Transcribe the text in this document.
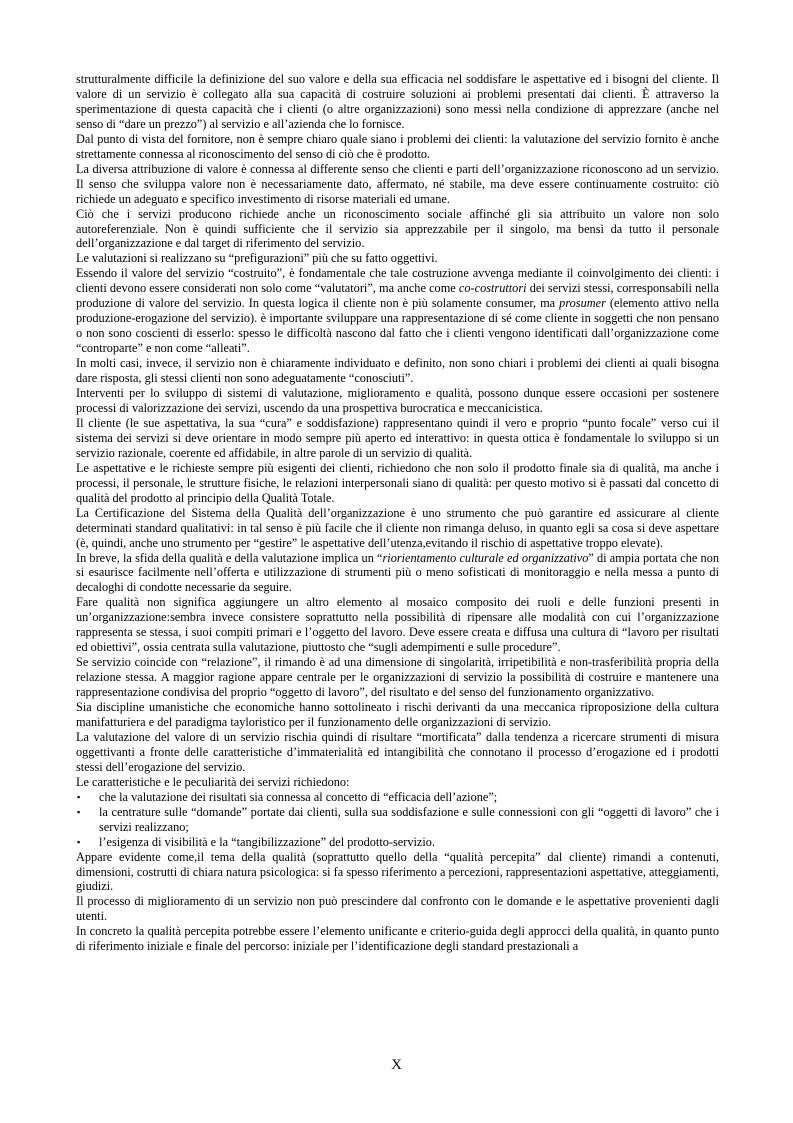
strutturalmente difficile la definizione del suo valore e della sua efficacia nel soddisfare le aspettative ed i bisogni del cliente. Il valore di un servizio è collegato alla sua capacità di costruire soluzioni ai problemi presentati dai clienti. È attraverso la sperimentazione di questa capacità che i clienti (o altre organizzazioni) sono messi nella condizione di apprezzare (anche nel senso di “dare un prezzo”) al servizio e all’azienda che lo fornisce.

Dal punto di vista del fornitore, non è sempre chiaro quale siano i problemi dei clienti: la valutazione del servizio fornito è anche strettamente connessa al riconoscimento del senso di ciò che è prodotto.

La diversa attribuzione di valore è connessa al differente senso che clienti e parti dell’organizzazione riconoscono ad un servizio. Il senso che sviluppa valore non è necessariamente dato, affermato, né stabile, ma deve essere continuamente costruito: ciò richiede un adeguato e specifico investimento di risorse materiali ed umane.

Ciò che i servizi producono richiede anche un riconoscimento sociale affinché gli sia attribuito un valore non solo autoreferenziale. Non è quindi sufficiente che il servizio sia apprezzabile per il singolo, ma bensì da tutto il personale dell’organizzazione e dal target di riferimento del servizio.

Le valutazioni si realizzano su “prefigurazioni” più che su fatto oggettivi.

Essendo il valore del servizio “costruito”, è fondamentale che tale costruzione avvenga mediante il coinvolgimento dei clienti: i clienti devono essere considerati non solo come “valutatori”, ma anche come co-costruttori dei servizi stessi, corresponsabili nella produzione di valore del servizio. In questa logica il cliente non è più solamente consumer, ma prosumer (elemento attivo nella produzione-erogazione del servizio). è importante sviluppare una rappresentazione di sé come cliente in soggetti che non pensano o non sono coscienti di esserlo: spesso le difficoltà nascono dal fatto che i clienti vengono identificati dall’organizzazione come “controparte” e non come “alleati”.

In molti casi, invece, il servizio non è chiaramente individuato e definito, non sono chiari i problemi dei clienti ai quali bisogna dare risposta, gli stessi clienti non sono adeguatamente “conosciuti”.

Interventi per lo sviluppo di sistemi di valutazione, miglioramento e qualità, possono dunque essere occasioni per sostenere processi di valorizzazione dei servizi, uscendo da una prospettiva burocratica e meccanicistica.

Il cliente (le sue aspettativa, la sua “cura” e soddisfazione) rappresentano quindi il vero e proprio “punto focale” verso cui il sistema dei servizi si deve orientare in modo sempre più aperto ed interattivo: in questa ottica è fondamentale lo sviluppo si un servizio razionale, coerente ed affidabile, in altre parole di un servizio di qualità.

Le aspettative e le richieste sempre più esigenti dei clienti, richiedono che non solo il prodotto finale sia di qualità, ma anche i processi, il personale, le strutture fisiche, le relazioni interpersonali siano di qualità: per questo motivo si è passati dal concetto di qualità del prodotto al principio della Qualità Totale.

La Certificazione del Sistema della Qualità dell’organizzazione è uno strumento che può garantire ed assicurare al cliente determinati standard qualitativi: in tal senso è più facile che il cliente non rimanga deluso, in quanto egli sa cosa si deve aspettare (è, quindi, anche uno strumento per “gestire” le aspettative dell’utenza,evitando il rischio di aspettative troppo elevate).

In breve, la sfida della qualità e della valutazione implica un “riorientamento culturale ed organizzativo” di ampia portata che non si esaurisce facilmente nell’offerta e utilizzazione di strumenti più o meno sofisticati di monitoraggio e nella messa a punto di decaloghi di condotte necessarie da seguire.

Fare qualità non significa aggiungere un altro elemento al mosaico composito dei ruoli e delle funzioni presenti in un’organizzazione:sembra invece consistere soprattutto nella possibilità di ripensare alle modalità con cui l’organizzazione rappresenta se stessa, i suoi compiti primari e l’oggetto del lavoro. Deve essere creata e diffusa una cultura di “lavoro per risultati ed obiettivi”, ossia centrata sulla valutazione, piuttosto che “sugli adempimenti e sulle procedure”.

Se servizio coincide con “relazione”, il rimando è ad una dimensione di singolarità, irripetibilità e non-trasferibilità propria della relazione stessa. A maggior ragione appare centrale per le organizzazioni di servizio la possibilità di costruire e mantenere una rappresentazione condivisa del proprio “oggetto di lavoro”, del risultato e del senso del funzionamento organizzativo.

Sia discipline umanistiche che economiche hanno sottolineato i rischi derivanti da una meccanica riproposizione della cultura manifatturiera e del paradigma tayloristico per il funzionamento delle organizzazioni di servizio.

La valutazione del valore di un servizio rischia quindi di risultare “mortificata” dalla tendenza a ricercare strumenti di misura oggettivanti a fronte delle caratteristiche d’immaterialità ed intangibilità che connotano il processo d’erogazione ed i prodotti stessi dell’erogazione del servizio.

Le caratteristiche e le peculiarità dei servizi richiedono:

▪ che la valutazione dei risultati sia connessa al concetto di “efficacia dell’azione”;
▪ la centrature sulle “domande” portate dai clienti, sulla sua soddisfazione e sulle connessioni con gli “oggetti di lavoro” che i servizi realizzano;
▪ l’esigenza di visibilità e la “tangibilizzazione” del prodotto-servizio.

Appare evidente come,il tema della qualità (soprattutto quello della “qualità percepita” dal cliente) rimandi a contenuti, dimensioni, costrutti di chiara natura psicologica: si fa spesso riferimento a percezioni, rappresentazioni aspettative, atteggiamenti, giudizi.

Il processo di miglioramento di un servizio non può prescindere dal confronto con le domande e le aspettative provenienti dagli utenti.

In concreto la qualità percepita potrebbe essere l’elemento unificante e criterio-guida degli approcci della qualità, in quanto punto di riferimento iniziale e finale del percorso: iniziale per l’identificazione degli standard prestazionali a

X
